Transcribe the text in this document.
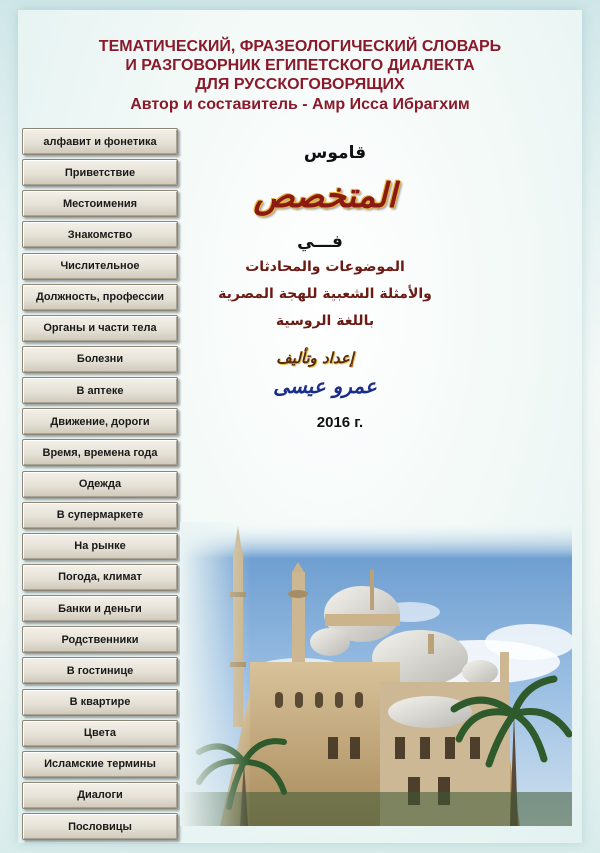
ТЕМАТИЧЕСКИЙ, ФРАЗЕОЛОГИЧЕСКИЙ СЛОВАРЬ
И РАЗГОВОРНИК ЕГИПЕТСКОГО ДИАЛЕКТА
ДЛЯ РУССКОГОВОРЯЩИХ
Автор и составитель - Амр Исса Ибрагхим
алфавит и фонетика
Приветствие
Местоимения
Знакомство
Числительное
Должность, профессии
Органы и части тела
Болезни
В аптеке
Движение, дороги
Время, времена года
Одежда
В супермаркете
На рынке
Погода, климат
Банки и деньги
Родственники
В гостинице
В квартире
Цвета
Исламские термины
Диалоги
Пословицы
قاموس
المتخصص
فـــي
الموضوعات والمحادثات
والأمثلة الشعبية للهجة المصرية
باللغة الروسية
إعداد وتأليف
عمرو عيسى
2016 г.
